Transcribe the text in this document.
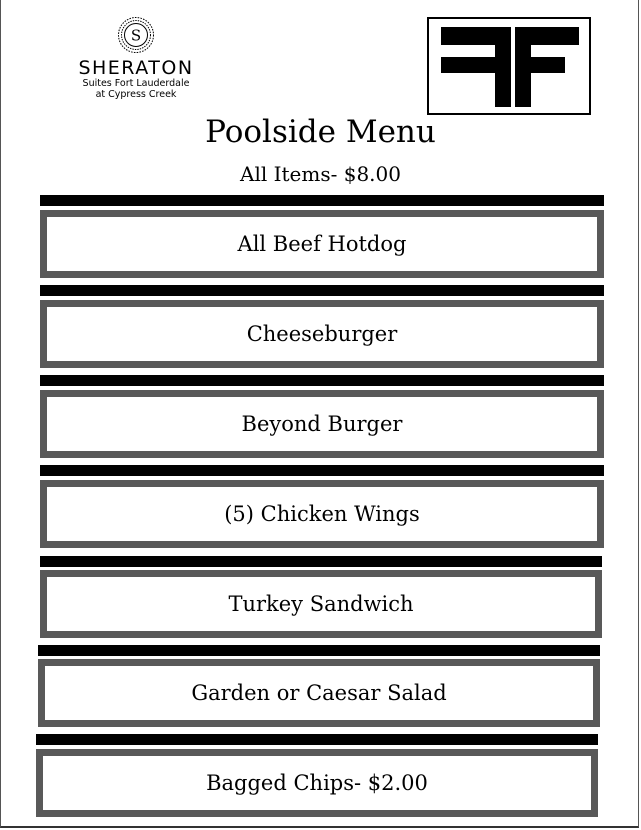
S
SHERATON
Suites Fort Lauderdale
at Cypress Creek
Poolside Menu
All Items- $8.00
All Beef Hotdog
Cheeseburger
Beyond Burger
(5) Chicken Wings
Turkey Sandwich
Garden or Caesar Salad
Bagged Chips- $2.00
